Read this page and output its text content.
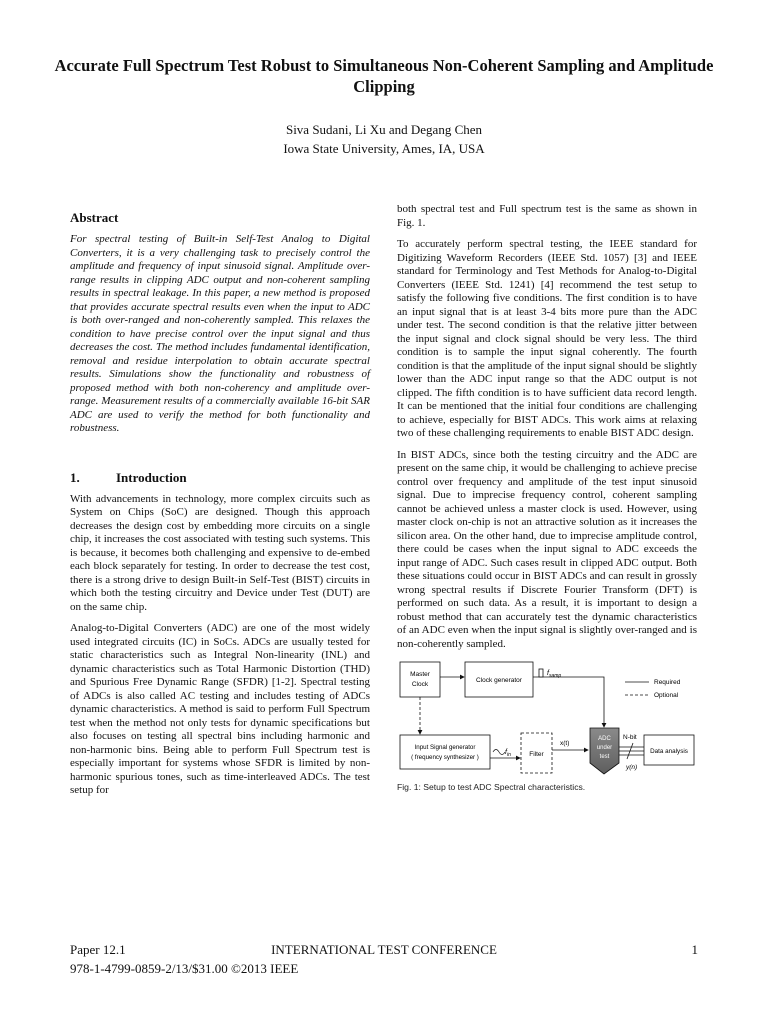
Accurate Full Spectrum Test Robust to Simultaneous Non-Coherent Sampling and Amplitude Clipping
Siva Sudani, Li Xu and Degang Chen
Iowa State University, Ames, IA, USA
Abstract

For spectral testing of Built-in Self-Test Analog to Digital Converters, it is a very challenging task to precisely control the amplitude and frequency of input sinusoid signal. Amplitude over-range results in clipping ADC output and non-coherent sampling results in spectral leakage. In this paper, a new method is proposed that provides accurate spectral results even when the input to ADC is both over-ranged and non-coherently sampled. This relaxes the condition to have precise control over the input signal and thus decreases the cost. The method includes fundamental identification, removal and residue interpolation to obtain accurate spectral results. Simulations show the functionality and robustness of proposed method with both non-coherency and amplitude over-range. Measurement results of a commercially available 16-bit SAR ADC are used to verify the method for both functionality and robustness.

1.	Introduction

With advancements in technology, more complex circuits such as System on Chips (SoC) are designed. Though this approach decreases the design cost by embedding more circuits on a single chip, it increases the cost associated with testing such systems. This is because, it becomes both challenging and expensive to de-embed each block separately for testing. In order to decrease the test cost, there is a strong drive to design Built-in Self-Test (BIST) circuits in which both the testing circuitry and Device under Test (DUT) are on the same chip.

Analog-to-Digital Converters (ADC) are one of the most widely used integrated circuits (IC) in SoCs. ADCs are usually tested for static characteristics such as Integral Non-linearity (INL) and dynamic characteristics such as Total Harmonic Distortion (THD) and Spurious Free Dynamic Range (SFDR) [1-2]. Spectral testing of ADCs is also called AC testing and includes testing of ADCs dynamic characteristics. A method is said to perform Full Spectrum test when the method not only tests for dynamic specifications but also focuses on testing all spectral bins including harmonic and non-harmonic bins. Being able to perform Full Spectrum test is especially important for systems whose SFDR is limited by non-harmonic spurious tones, such as time-interleaved ADCs. The test setup for

both spectral test and Full spectrum test is the same as shown in Fig. 1.

To accurately perform spectral testing, the IEEE standard for Digitizing Waveform Recorders (IEEE Std. 1057) [3] and IEEE standard for Terminology and Test Methods for Analog-to-Digital Converters (IEEE Std. 1241) [4] recommend the test setup to satisfy the following five conditions. The first condition is to have an input signal that is at least 3-4 bits more pure than the ADC under test. The second condition is that the relative jitter between the input signal and clock signal should be very less. The third condition is to sample the input signal coherently. The fourth condition is that the amplitude of the input signal should be slightly lower than the ADC input range so that the ADC output is not clipped. The fifth condition is to have sufficient data record length. It can be mentioned that the initial four conditions are challenging to achieve, especially for BIST ADCs. This work aims at relaxing two of these challenging requirements to enable BIST ADC design.

In BIST ADCs, since both the testing circuitry and the ADC are present on the same chip, it would be challenging to achieve precise control over frequency and amplitude of the test input sinusoid signal. Due to imprecise frequency control, coherent sampling cannot be achieved unless a master clock is used. However, using master clock on-chip is not an attractive solution as it increases the silicon area. On the other hand, due to imprecise amplitude control, there could be cases when the input signal to ADC exceeds the input range of ADC. Such cases result in clipped ADC output. Both these situations could occur in BIST ADCs and can result in grossly wrong spectral results if Discrete Fourier Transform (DFT) is performed on such data. As a result, it is important to design a robust method that can accurately test the dynamic characteristics of an ADC even when the input signal is slightly over-ranged and is non-coherently sampled.

Master
Clock
Clock generator
$f_{samp}$
Required
Optional
Input Signal generator
( frequency synthesizer )
$f_{in}$	Filter
x(t)
ADC
under
test
N-bit
y(n)
Data analysis
Fig. 1: Setup to test ADC Spectral characteristics.
Paper 12.1	INTERNATIONAL TEST CONFERENCE	1
978-1-4799-0859-2/13/$31.00 ©2013 IEEE
